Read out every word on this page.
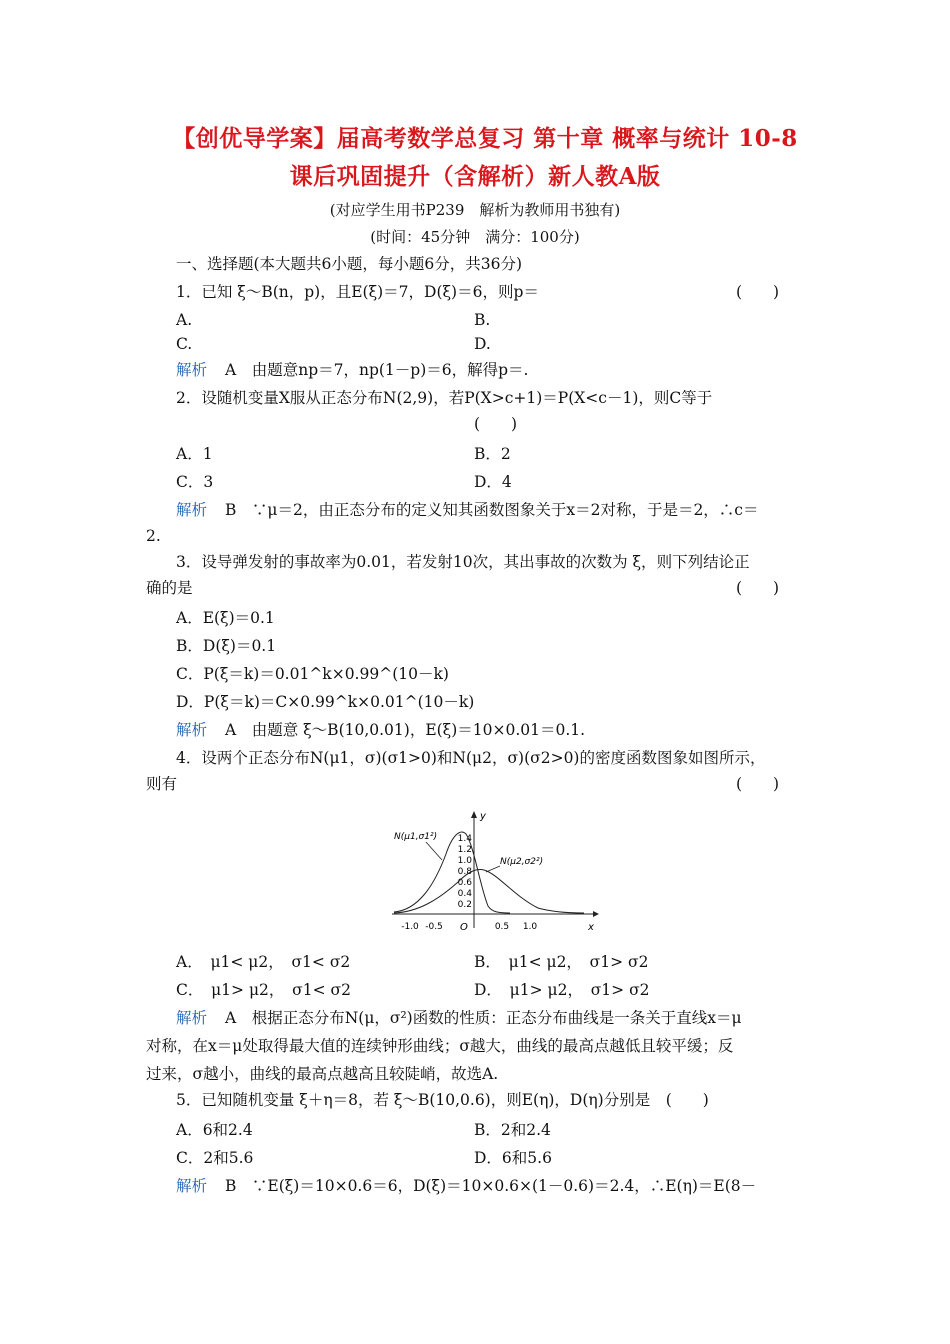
【创优导学案】届高考数学总复习 第十章 概率与统计 10-8
课后巩固提升（含解析）新人教A版
(对应学生用书P239　解析为教师用书独有)
(时间：45分钟　满分：100分)
一、选择题(本大题共6小题，每小题6分，共36分)
1．已知 ξ～B(n，p)，且E(ξ)＝7，D(ξ)＝6，则p＝	(　　)
A.	B.
C.	D.
解析 A　由题意np＝7，np(1－p)＝6，解得p＝.
2．设随机变量X服从正态分布N(2,9)，若P(X>c+1)＝P(X<c－1)，则C等于
(　　)
A．1	B．2
C．3	D．4
解析 B　∵μ＝2，由正态分布的定义知其函数图象关于x＝2对称，于是＝2，∴c＝
2.
3．设导弹发射的事故率为0.01，若发射10次，其出事故的次数为 ξ，则下列结论正
确的是	(　　)
A．E(ξ)＝0.1
B．D(ξ)＝0.1
C．P(ξ＝k)＝0.01^k×0.99^(10－k)
D．P(ξ＝k)＝C×0.99^k×0.01^(10－k)
解析 A　由题意 ξ～B(10,0.01)，E(ξ)＝10×0.01＝0.1.
4．设两个正态分布N(μ1，σ)(σ1>0)和N(μ2，σ)(σ2>0)的密度函数图象如图所示，
则有	(　　)
y
x
O
1.4
1.2
1.0
0.8
0.6
0.4
0.2
-1.0 -0.5	0.5 1.0
N(μ1,σ1²)
N(μ2,σ2²)
A．　μ1< μ2，　σ1< σ2	B．　μ1< μ2，　σ1> σ2
C．　μ1> μ2，　σ1< σ2	D．　μ1> μ2，　σ1> σ2
解析 A　根据正态分布N(μ，σ²)函数的性质：正态分布曲线是一条关于直线x＝μ
对称，在x＝μ处取得最大值的连续钟形曲线；σ越大，曲线的最高点越低且较平缓；反
过来，σ越小，曲线的最高点越高且较陡峭，故选A.
5．已知随机变量 ξ＋η＝8，若 ξ～B(10,0.6)，则E(η)，D(η)分别是　(　　)
A．6和2.4	B．2和2.4
C．2和5.6	D．6和5.6
解析 B　∵E(ξ)＝10×0.6＝6，D(ξ)＝10×0.6×(1－0.6)＝2.4，∴E(η)＝E(8－
